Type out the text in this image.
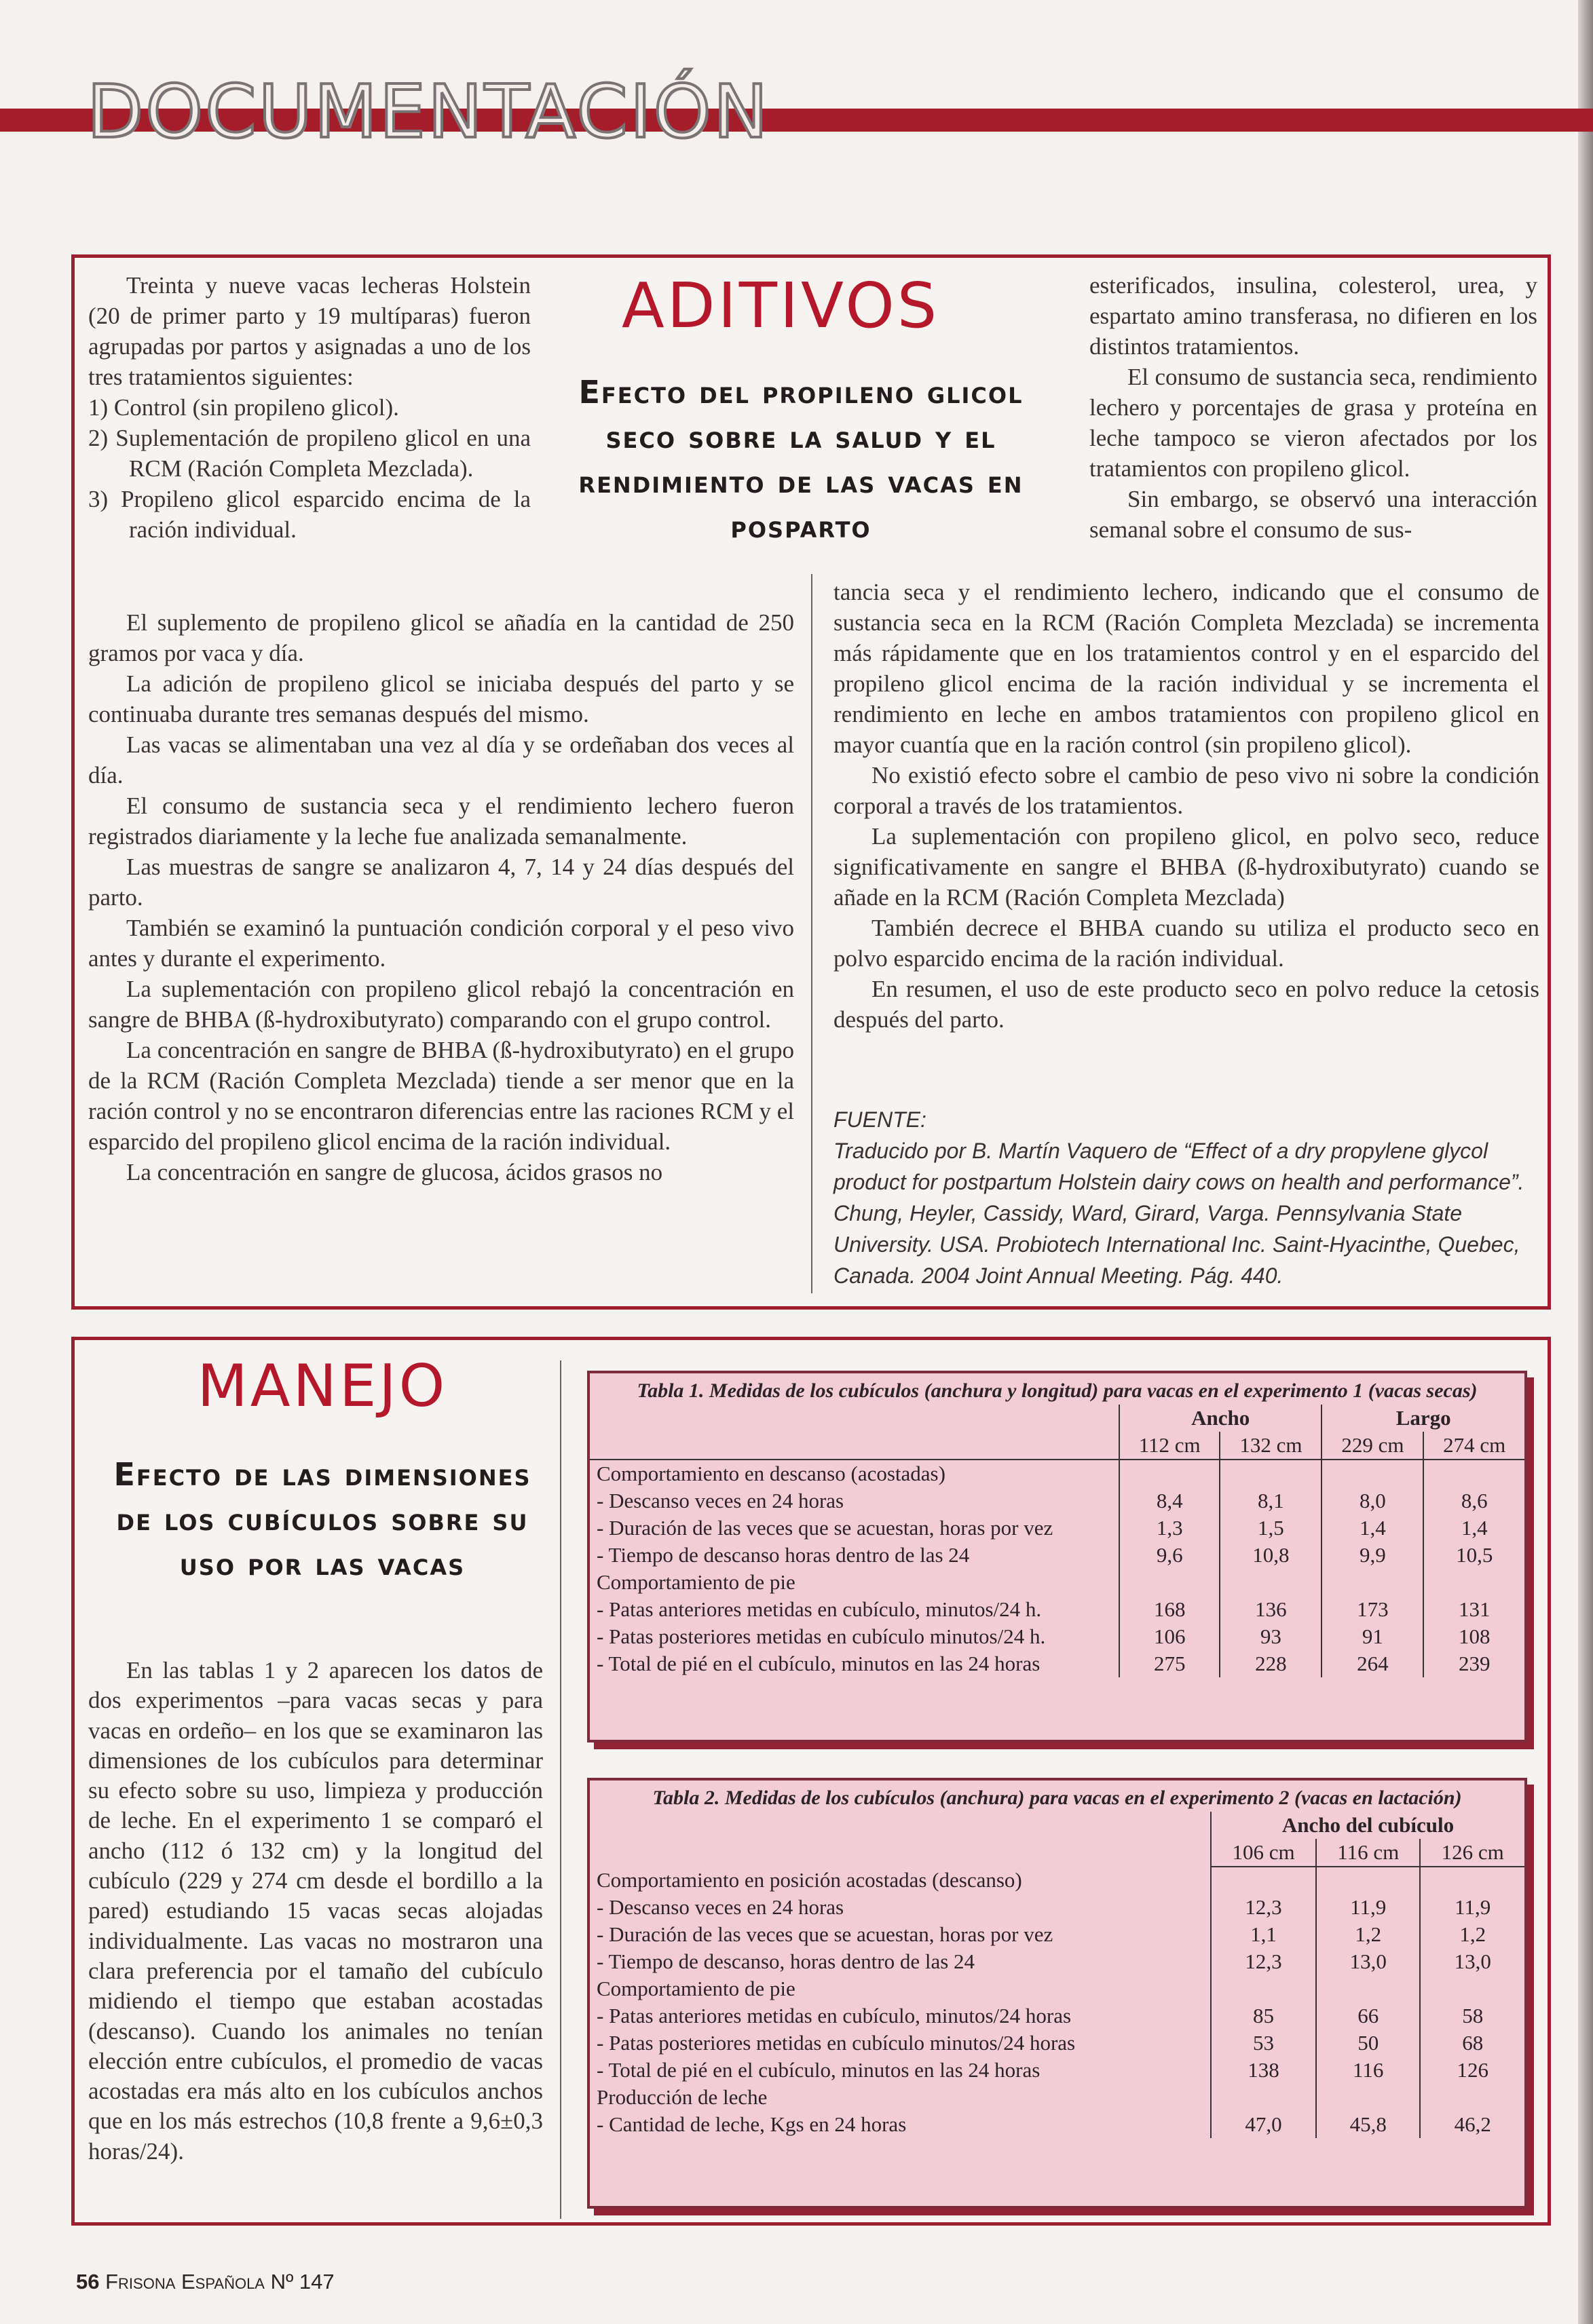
DOCUMENTACIÓN
ADITIVOS
Efecto del propileno glicol seco sobre la salud y el rendimiento de las vacas en posparto

Treinta y nueve vacas lecheras Holstein (20 de primer parto y 19 multíparas) fueron agrupadas por partos y asignadas a uno de los tres tratamientos siguientes:

1) Control (sin propileno glicol).
2) Suplementación de propileno glicol en una RCM (Ración Completa Mezclada).
3) Propileno glicol esparcido encima de la ración individual.

El suplemento de propileno glicol se añadía en la cantidad de 250 gramos por vaca y día.

La adición de propileno glicol se iniciaba después del parto y se continuaba durante tres semanas después del mismo.

Las vacas se alimentaban una vez al día y se ordeñaban dos veces al día.

El consumo de sustancia seca y el rendimiento lechero fueron registrados diariamente y la leche fue analizada semanalmente.

Las muestras de sangre se analizaron 4, 7, 14 y 24 días después del parto.

También se examinó la puntuación condición corporal y el peso vivo antes y durante el experimento.

La suplementación con propileno glicol rebajó la concentración en sangre de BHBA (ß-hydroxibutyrato) comparando con el grupo control.

La concentración en sangre de BHBA (ß-hydroxibutyrato) en el grupo de la RCM (Ración Completa Mezclada) tiende a ser menor que en la ración control y no se encontraron diferencias entre las raciones RCM y el esparcido del propileno glicol encima de la ración individual.

La concentración en sangre de glucosa, ácidos grasos no

esterificados, insulina, colesterol, urea, y espartato amino transferasa, no difieren en los distintos tratamientos.

El consumo de sustancia seca, rendimiento lechero y porcentajes de grasa y proteína en leche tampoco se vieron afectados por los tratamientos con propileno glicol.

Sin embargo, se observó una interacción semanal sobre el consumo de sus-

tancia seca y el rendimiento lechero, indicando que el consumo de sustancia seca en la RCM (Ración Completa Mezclada) se incrementa más rápidamente que en los tratamientos control y en el esparcido del propileno glicol encima de la ración individual y se incrementa el rendimiento en leche en ambos tratamientos con propileno glicol en mayor cuantía que en la ración control (sin propileno glicol).

No existió efecto sobre el cambio de peso vivo ni sobre la condición corporal a través de los tratamientos.

La suplementación con propileno glicol, en polvo seco, reduce significativamente en sangre el BHBA (ß-hydroxibutyrato) cuando se añade en la RCM (Ración Completa Mezclada)

También decrece el BHBA cuando su utiliza el producto seco en polvo esparcido encima de la ración individual.

En resumen, el uso de este producto seco en polvo reduce la cetosis después del parto.

FUENTE:
Traducido por B. Martín Vaquero de “Effect of a dry propylene glycol product for postpartum Holstein dairy cows on health and performance”. Chung, Heyler, Cassidy, Ward, Girard, Varga. Pennsylvania State University. USA. Probiotech International Inc. Saint-Hyacinthe, Quebec, Canada. 2004 Joint Annual Meeting. Pág. 440.
MANEJO
Efecto de las dimensiones de los cubículos sobre su uso por las vacas

En las tablas 1 y 2 aparecen los datos de dos experimentos –para vacas secas y para vacas en ordeño– en los que se examinaron las dimensiones de los cubículos para determinar su efecto sobre su uso, limpieza y producción de leche. En el experimento 1 se comparó el ancho (112 ó 132 cm) y la longitud del cubículo (229 y 274 cm desde el bordillo a la pared) estudiando 15 vacas secas alojadas individualmente. Las vacas no mostraron una clara preferencia por el tamaño del cubículo midiendo el tiempo que estaban acostadas (descanso). Cuando los animales no tenían elección entre cubículos, el promedio de vacas acostadas era más alto en los cubículos anchos que en los más estrechos (10,8 frente a 9,6±0,3 horas/24).

Tabla 1. Medidas de los cubículos (anchura y longitud) para vacas en el experimento 1 (vacas secas)
	Ancho		Largo	
	112 cm	132 cm	229 cm	274 cm
Comportamiento en descanso (acostadas)				
- Descanso veces en 24 horas	8,4	8,1	8,0	8,6
- Duración de las veces que se acuestan, horas por vez	1,3	1,5	1,4	1,4
- Tiempo de descanso horas dentro de las 24	9,6	10,8	9,9	10,5
Comportamiento de pie				
- Patas anteriores metidas en cubículo, minutos/24 h.	168	136	173	131
- Patas posteriores metidas en cubículo minutos/24 h.	106	93	91	108
- Total de pié en el cubículo, minutos en las 24 horas	275	228	264	239
Tabla 2. Medidas de los cubículos (anchura) para vacas en el experimento 2 (vacas en lactación)
	Ancho del cubículo		
	106 cm	116 cm	126 cm
Comportamiento en posición acostadas (descanso)			
- Descanso veces en 24 horas	12,3	11,9	11,9
- Duración de las veces que se acuestan, horas por vez	1,1	1,2	1,2
- Tiempo de descanso, horas dentro de las 24	12,3	13,0	13,0
Comportamiento de pie			
- Patas anteriores metidas en cubículo, minutos/24 horas	85	66	58
- Patas posteriores metidas en cubículo minutos/24 horas	53	50	68
- Total de pié en el cubículo, minutos en las 24 horas	138	116	126
Producción de leche			
- Cantidad de leche, Kgs en 24 horas	47,0	45,8	46,2
56 Frisona Española Nº 147
